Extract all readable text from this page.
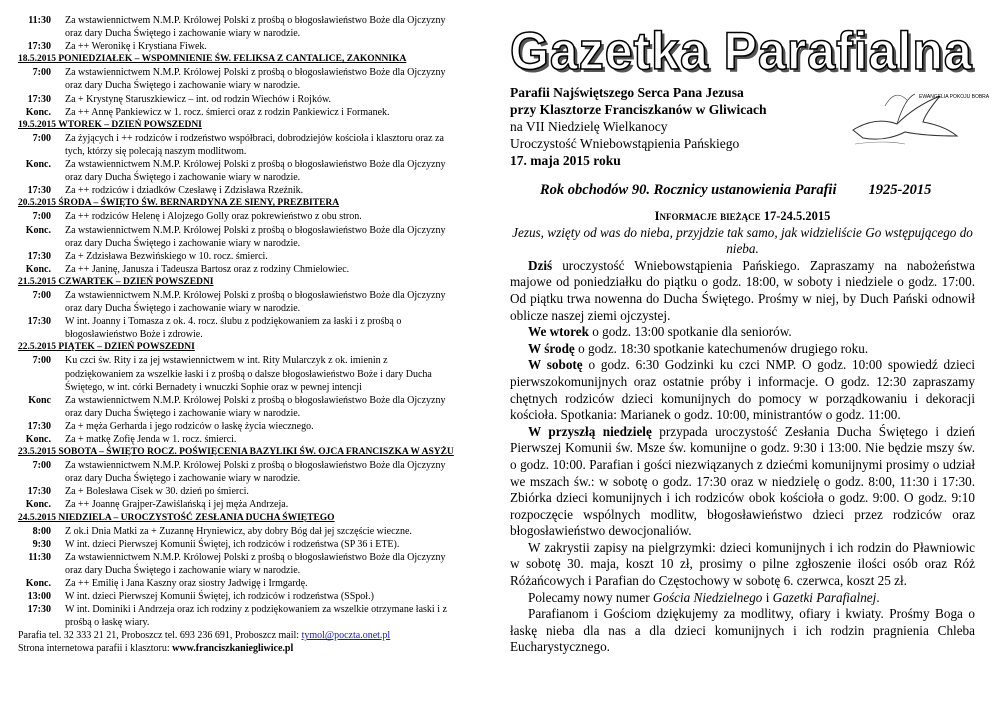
11:30	Za wstawiennictwem N.M.P. Królowej Polski z prośbą o błogosławieństwo Boże dla Ojczyzny oraz dary Ducha Świętego i zachowanie wiary w narodzie.
17:30	Za ++ Weronikę i Krystiana Fiwek.
18.5.2015 PONIEDZIAŁEK – WSPOMNIENIE ŚW. FELIKSA Z CANTALICE, ZAKONNIKA
7:00	Za wstawiennictwem N.M.P. Królowej Polski z prośbą o błogosławieństwo Boże dla Ojczyzny oraz dary Ducha Świętego i zachowanie wiary w narodzie.
17:30	Za + Krystynę Staruszkiewicz – int. od rodzin Wiechów i Rojków.
Konc.	Za ++ Annę Pankiewicz w 1. rocz. śmierci oraz z rodzin Pankiewicz i Formanek.
19.5.2015 WTOREK – DZIEŃ POWSZEDNI
7:00	Za żyjących i ++ rodziców i rodzeństwo współbraci, dobrodziejów kościoła i klasztoru oraz za tych, którzy się polecają naszym modlitwom.
Konc.	Za wstawiennictwem N.M.P. Królowej Polski z prośbą o błogosławieństwo Boże dla Ojczyzny oraz dary Ducha Świętego i zachowanie wiary w narodzie.
17:30	Za ++ rodziców i dziadków Czesławę i Zdzisława Rzeźnik.
20.5.2015 ŚRODA – ŚWIĘTO ŚW. BERNARDYNA ZE SIENY, PREZBITERA
7:00	Za ++ rodziców Helenę i Alojzego Golly oraz pokrewieństwo z obu stron.
Konc.	Za wstawiennictwem N.M.P. Królowej Polski z prośbą o błogosławieństwo Boże dla Ojczyzny oraz dary Ducha Świętego i zachowanie wiary w narodzie.
17:30	Za + Zdzisława Bezwińskiego w 10. rocz. śmierci.
Konc.	Za ++ Janinę, Janusza i Tadeusza Bartosz oraz z rodziny Chmielowiec.
21.5.2015 CZWARTEK – DZIEŃ POWSZEDNI
7:00	Za wstawiennictwem N.M.P. Królowej Polski z prośbą o błogosławieństwo Boże dla Ojczyzny oraz dary Ducha Świętego i zachowanie wiary w narodzie.
17:30	W int. Joanny i Tomasza z ok. 4. rocz. ślubu z podziękowaniem za łaski i z prośbą o błogosławieństwo Boże i zdrowie.
22.5.2015 PIĄTEK – DZIEŃ POWSZEDNI
7:00	Ku czci św. Rity i za jej wstawiennictwem w int. Rity Mularczyk z ok. imienin z podziękowaniem za wszelkie łaski i z prośbą o dalsze błogosławieństwo Boże i dary Ducha Świętego, w int. córki Bernadety i wnuczki Sophie oraz w pewnej intencji
Konc	Za wstawiennictwem N.M.P. Królowej Polski z prośbą o błogosławieństwo Boże dla Ojczyzny oraz dary Ducha Świętego i zachowanie wiary w narodzie.
17:30	Za + męża Gerharda i jego rodziców o łaskę życia wiecznego.
Konc.	Za + matkę Zofię Jenda w 1. rocz. śmierci.
23.5.2015 SOBOTA – ŚWIĘTO ROCZ. POŚWIĘCENIA BAZYLIKI ŚW. OJCA FRANCISZKA W ASYŻU
7:00	Za wstawiennictwem N.M.P. Królowej Polski z prośbą o błogosławieństwo Boże dla Ojczyzny oraz dary Ducha Świętego i zachowanie wiary w narodzie.
17:30	Za + Bolesława Cisek w 30. dzień po śmierci.
Konc.	Za ++ Joannę Grajper-Zawiślańską i jej męża Andrzeja.
24.5.2015 NIEDZIELA – UROCZYSTOŚĆ ZESŁANIA DUCHA ŚWIĘTEGO
8:00	Z ok.i Dnia Matki za + Zuzannę Hryniewicz, aby dobry Bóg dał jej szczęście wieczne.
9:30	W int. dzieci Pierwszej Komunii Świętej, ich rodziców i rodzeństwa (SP 36 i ETE).
11:30	Za wstawiennictwem N.M.P. Królowej Polski z prośbą o błogosławieństwo Boże dla Ojczyzny oraz dary Ducha Świętego i zachowanie wiary w narodzie.
Konc.	Za ++ Emilię i Jana Kaszny oraz siostry Jadwigę i Irmgardę.
13:00	W int. dzieci Pierwszej Komunii Świętej, ich rodziców i rodzeństwa (SSpoł.)
17:30	W int. Dominiki i Andrzeja oraz ich rodziny z podziękowaniem za wszelkie otrzymane łaski i z prośbą o łaskę wiary.
Parafia tel. 32 333 21 21, Proboszcz tel. 693 236 691, Proboszcz mail: tymol@poczta.onet.pl
Strona internetowa parafii i klasztoru: www.franciszkaniegliwice.pl
Gazetka Parafialna
Parafii Najświętszego Serca Pana Jezusa
przy Klasztorze Franciszkanów w Gliwicach
na VII Niedzielę Wielkanocy
Uroczystość Wniebowstąpienia Pańskiego
17. maja 2015 roku
EWANGELIA POKOJU BOBRA
Rok obchodów 90. Rocznicy ustanowienia Parafii 1925-2015
Informacje bieżące 17-24.5.2015
Jezus, wzięty od was do nieba, przyjdzie tak samo, jak widzieliście Go wstępującego do nieba.

Dziś uroczystość Wniebowstąpienia Pańskiego. Zapraszamy na nabożeństwa majowe od poniedziałku do piątku o godz. 18:00, w soboty i niedziele o godz. 17:00. Od piątku trwa nowenna do Ducha Świętego. Prośmy w niej, by Duch Pański odnowił oblicze naszej ziemi ojczystej.

We wtorek o godz. 13:00 spotkanie dla seniorów.

W środę o godz. 18:30 spotkanie katechumenów drugiego roku.

W sobotę o godz. 6:30 Godzinki ku czci NMP. O godz. 10:00 spowiedź dzieci pierwszokomunijnych oraz ostatnie próby i informacje. O godz. 12:30 zapraszamy chętnych rodziców dzieci komunijnych do pomocy w porządkowaniu i dekoracji kościoła. Spotkania: Marianek o godz. 10:00, ministrantów o godz. 11:00.

W przyszłą niedzielę przypada uroczystość Zesłania Ducha Świętego i dzień Pierwszej Komunii św. Msze św. komunijne o godz. 9:30 i 13:00. Nie będzie mszy św. o godz. 10:00. Parafian i gości niezwiązanych z dziećmi komunijnymi prosimy o udział we mszach św.: w sobotę o godz. 17:30 oraz w niedzielę o godz. 8:00, 11:30 i 17:30. Zbiórka dzieci komunijnych i ich rodziców obok kościoła o godz. 9:00. O godz. 9:10 rozpoczęcie wspólnych modlitw, błogosławieństwo dzieci przez rodziców oraz błogosławieństwo dewocjonaliów.

W zakrystii zapisy na pielgrzymki: dzieci komunijnych i ich rodzin do Pławniowic w sobotę 30. maja, koszt 10 zł, prosimy o pilne zgłoszenie ilości osób oraz Róż Różańcowych i Parafian do Częstochowy w sobotę 6. czerwca, koszt 25 zł.

Polecamy nowy numer Gościa Niedzielnego i Gazetki Parafialnej.

Parafianom i Gościom dziękujemy za modlitwy, ofiary i kwiaty. Prośmy Boga o łaskę nieba dla nas a dla dzieci komunijnych i ich rodzin pragnienia Chleba Eucharystycznego.
